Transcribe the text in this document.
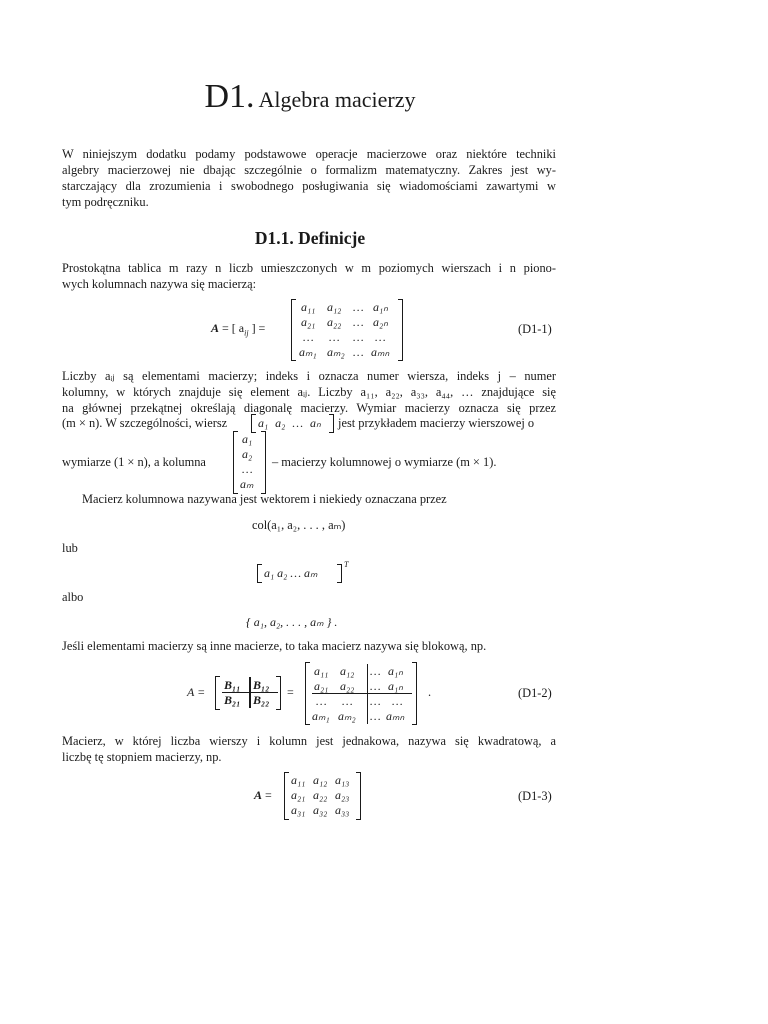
D1. Algebra macierzy
W niniejszym dodatku podamy podstawowe operacje macierzowe oraz niektóre techniki
algebry macierzowej nie dbając szczególnie o formalizm matematyczny. Zakres jest wy-
starczający dla zrozumienia i swobodnego posługiwania się wiadomościami zawartymi w
tym podręczniku.
D1.1. Definicje
Prostokątna tablica m razy n liczb umieszczonych w m poziomych wierszach i n piono-
wych kolumnach nazywa się macierzą:
A = [ $a_{ij}$ ] =
a₁₁ a₁₂ … a₁ₙ
a₂₁ a₂₂ … a₂ₙ
… … … …
aₘ₁ aₘ₂ … aₘₙ
(D1-1)
Liczby aᵢⱼ są elementami macierzy; indeks i oznacza numer wiersza, indeks j – numer
kolumny, w których znajduje się element aᵢⱼ. Liczby a₁₁, a₂₂, a₃₃, a₄₄, … znajdujące się
na głównej przekątnej określają diagonalę macierzy. Wymiar macierzy oznacza się przez
(m × n). W szczególności, wiersz	a₁ a₂ … aₙ jest przykładem macierzy wierszowej o
wymiarze (1 × n), a kolumna
a₁
a₂
…
aₘ
– macierzy kolumnowej o wymiarze (m × 1).
Macierz kolumnowa nazywana jest wektorem i niekiedy oznaczana przez
col(a₁, a₂, . . . , aₘ)
lub
a₁ a₂ … aₘ
T
albo
{ a₁, a₂, . . . , aₘ } .
Jeśli elementami macierzy są inne macierze, to taka macierz nazywa się blokową, np.
A = B₁₁ B₁₂
B₂₁ B₂₂
=
a₁₁ a₁₂ … a₁ₙ
a₂₁ a₂₂ … a₁ₙ
… … … …
aₘ₁ aₘ₂ … aₘₙ
.	(D1-2)
Macierz, w której liczba wierszy i kolumn jest jednakowa, nazywa się kwadratową, a
liczbę tę stopniem macierzy, np.
A =
a₁₁ a₁₂ a₁₃
a₂₁ a₂₂ a₂₃
a₃₁ a₃₂ a₃₃
(D1-3)
